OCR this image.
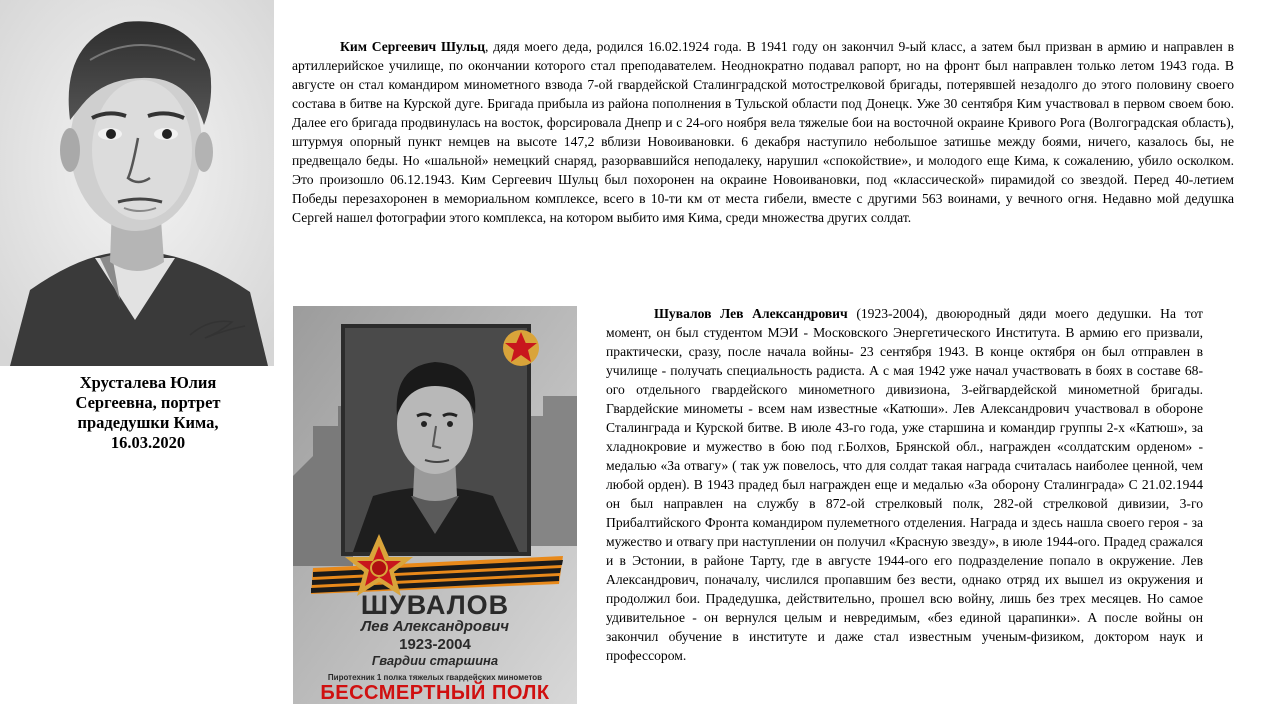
Хрусталева Юлия
Сергеевна, портрет
прадедушки Кима,
16.03.2020
Ким Сергеевич Шульц, дядя моего деда, родился 16.02.1924 года. В 1941 году он закончил 9-ый класс, а затем был призван в армию и направлен в артиллерийское училище, по окончании которого стал преподавателем. Неоднократно подавал рапорт, но на фронт был направлен только летом 1943 года. В августе он стал командиром минометного взвода 7-ой гвардейской Сталинградской мотострелковой бригады, потерявшей незадолго до этого половину своего состава в битве на Курской дуге. Бригада прибыла из района пополнения в Тульской области под Донецк. Уже 30 сентября Ким участвовал в первом своем бою. Далее его бригада продвинулась на восток, форсировала Днепр и с 24-ого ноября вела тяжелые бои на восточной окраине Кривого Рога (Волгоградская область), штурмуя опорный пункт немцев на высоте 147,2 вблизи Новоивановки. 6 декабря наступило небольшое затишье между боями, ничего, казалось бы, не предвещало беды. Но «шальной» немецкий снаряд, разорвавшийся неподалеку, нарушил «спокойствие», и молодого еще Кима, к сожалению, убило осколком. Это произошло 06.12.1943. Ким Сергеевич Шульц был похоронен на окраине Новоивановки, под «классической» пирамидой со звездой. Перед 40-летием Победы перезахоронен в мемориальном комплексе, всего в 10-ти км от места гибели, вместе с другими 563 воинами, у вечного огня. Недавно мой дедушка Сергей нашел фотографии этого комплекса, на котором выбито имя Кима, среди множества других солдат.
ШУВАЛОВ
Лев Александрович
1923-2004
Гвардии старшина
Пиротехник 1 полка тяжелых гвардейских минометов
БЕССМЕРТНЫЙ ПОЛК
Шувалов Лев Александрович (1923-2004), двоюродный дяди моего дедушки. На тот момент, он был студентом МЭИ - Московского Энергетического Института. В армию его призвали, практически, сразу, после начала войны- 23 сентября 1943. В конце октября он был отправлен в училище - получать специальность радиста. А с мая 1942 уже начал участвовать в боях в составе 68-ого отдельного гвардейского минометного дивизиона, 3-ейгвардейской минометной бригады. Гвардейские минометы - всем нам известные «Катюши». Лев Александрович участвовал в обороне Сталинграда и Курской битве. В июле 43-го года, уже старшина и командир группы 2-х «Катюш», за хладнокровие и мужество в бою под г.Болхов, Брянской обл., награжден «солдатским орденом» - медалью «За отвагу» ( так уж повелось, что для солдат такая награда считалась наиболее ценной, чем любой орден). В 1943 прадед был награжден еще и медалью «За оборону Сталинграда» С 21.02.1944 он был направлен на службу в 872-ой стрелковый полк, 282-ой стрелковой дивизии, 3-го Прибалтийского Фронта командиром пулеметного отделения. Награда и здесь нашла своего героя - за мужество и отвагу при наступлении он получил «Красную звезду», в июле 1944-ого. Прадед сражался и в Эстонии, в районе Тарту, где в августе 1944-ого его подразделение попало в окружение. Лев Александрович, поначалу, числился пропавшим без вести, однако отряд их вышел из окружения и продолжил бои. Прадедушка, действительно, прошел всю войну, лишь без трех месяцев. Но самое удивительное - он вернулся целым и невредимым, «без единой царапинки». А после войны он закончил обучение в институте и даже стал известным ученым-физиком, доктором наук и профессором.
